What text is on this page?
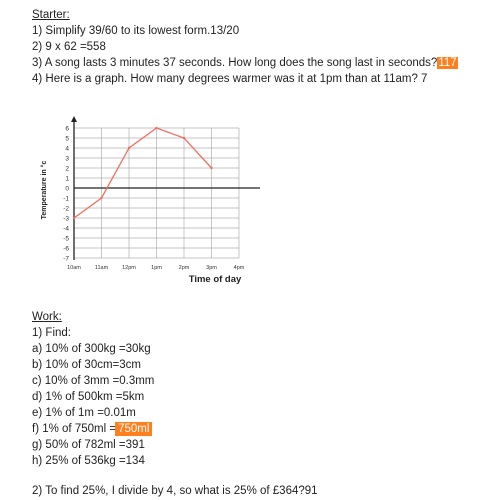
Starter:
1) Simplify 39/60 to its lowest form.13/20
2) 9 x 62 =558
3) A song lasts 3 minutes 37 seconds. How long does the song last in seconds?117
4) Here is a graph. How many degrees warmer was it at 1pm than at 11am? 7
6
5
4
3
2
1
0
-1
-2
-3
-4
-5
-6
-7
10am	11am	12pm	1pm	2pm	3pm	4pm
Time of day
Temperature in °c
Work:
1) Find:
a) 10% of 300kg =30kg
b) 10% of 30cm=3cm
c) 10% of 3mm =0.3mm
d) 1% of 500km =5km
e) 1% of 1m =0.01m
f) 1% of 750ml = 750ml
g) 50% of 782ml =391
h) 25% of 536kg =134
2) To find 25%, I divide by 4, so what is 25% of £364?91
